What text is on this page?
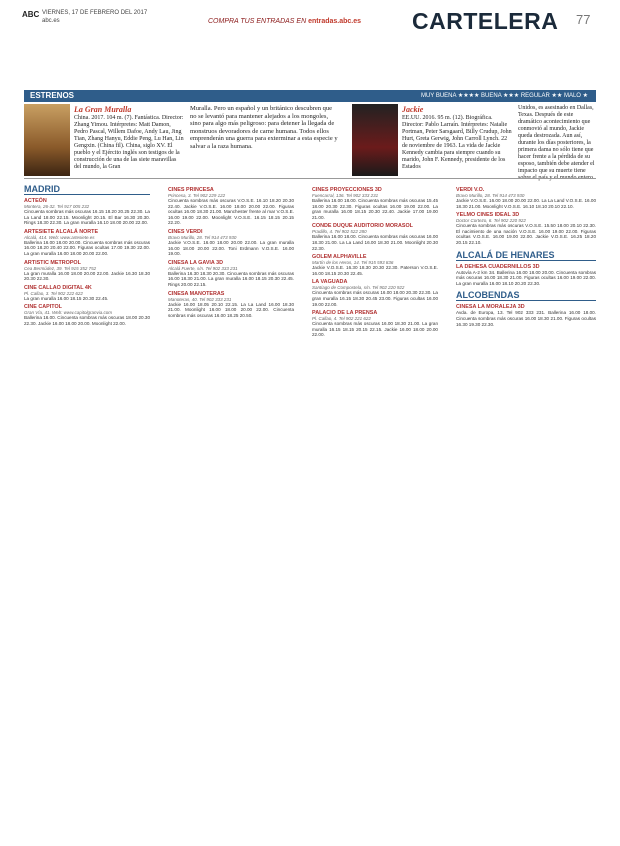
ABC VIERNES, 17 DE FEBRERO DEL 2017
abc.es	COMPRA TUS ENTRADAS EN entradas.abc.es CARTELERA 77
ESTRENOS	MUY BUENA ★★★★ BUENA ★★★ REGULAR ★★ MALO ★
La Gran Muralla
China. 2017. 104 m. (7). Fantástica. Director: Zhang Yimou. Intérpretes: Matt Damon, Pedro Pascal, Willem Dafoe, Andy Lau, Jing Tian, Zhang Hanyu, Eddie Peng, Lu Han, Lin Gengxin. (China fil). China, siglo XV. El pueblo y el Ejército inglés son testigos de la construcción de una de las siete maravillas del mundo, la Gran
Muralla. Pero un español y un británico descubren que no se levantó para mantener alejados a los mongoles, sino para algo más peligroso: para detener la llegada de monstruos devoradores de carne humana. Todos ellos emprenderán una guerra para exterminar a esta especie y salvar a la raza humana.
Jackie
EE.UU. 2016. 95 m. (12). Biográfica. Director: Pablo Larraín. Intérpretes: Natalie Portman, Peter Sarsgaard, Billy Crudup, John Hurt, Greta Gerwig, John Carroll Lynch. 22 de noviembre de 1963. La vida de Jackie Kennedy cambia para siempre cuando su marido, John F. Kennedy, presidente de los Estados
Unidos, es asesinado en Dallas, Texas. Después de este dramático acontecimiento que conmovió al mundo, Jackie queda destrozada. Aun así, durante los días posteriores, la primera dama no sólo tiene que hacer frente a la pérdida de su esposo, también debe atender el impacto que su muerte tiene
MADRID
ACTEÓN
Montera, 26-32. Tel 917 005 232
Cincuenta sombras más oscuras 16.15 18.20 20.25 22.30. La La Land 18.00 22.15. Moonlight 20.15. El Bar 16.30 20.30. Rings 18.30 22.30. La gran muralla 16.10 18.00 20.00 22.00.
ARTESIETE ALCALÁ NORTE
Alcalá, 414. Web: www.artesiete.es
Ballerina 16.00 18.00 20.00. Cincuenta sombras más oscuras 16.00 18.20 20.40 22.00. Figuras ocultas 17.00 19.30 22.00. La gran muralla 16.00 18.00 20.00 22.00.
ARTISTIC METROPOL
Cea Bermúdez, 39. Tel 915 352 752
La gran muralla 16.00 18.00 20.00 22.00. Jackie 16.30 18.30 20.30 22.30.
CINE CALLAO DIGITAL 4K
Pl. Callao, 3. Tel 902 222 622
La gran muralla 16.00 18.15 20.30 22.45.
CINE CAPITOL
Gran Vía, 41. Web: www.capitolgranvia.com
Ballerina 16.00. Cincuenta sombras más oscuras 18.00 20.30 22.30. Jackie 16.00 18.00 20.00. Moonlight 22.00.
CINES PRINCESA
Princesa, 3. Tel 902 229 122
Cincuenta sombras más oscuras V.O.S.E. 16.10 18.20 20.30 22.40. Jackie V.O.S.E. 16.00 18.00 20.00 22.00. Figuras ocultas 16.00 18.30 21.00. Manchester frente al mar V.O.S.E. 16.00 19.00 22.00. Moonlight V.O.S.E. 16.15 18.15 20.15 22.20.
CINES VERDI
Bravo Murillo, 28. Tel 914 473 930
Jackie V.O.S.E. 16.00 18.00 20.00 22.00. La gran muralla 16.00 18.00 20.00 22.00. Toni Erdmann V.O.S.E. 16.00 19.00.
CINESA LA GAVIA 3D
Alcalá Fuerte, s/n. Tel 902 333 231
Ballerina 16.30 18.30 20.30. Cincuenta sombras más oscuras 16.00 18.30 21.00. La gran muralla 16.00 18.15 20.30 22.45. Rings 20.00 22.15.
CINESA MANOTERAS
Manoteras, 40. Tel 902 333 231
Jackie 16.00 18.05 20.10 22.15. La La Land 16.00 18.30 21.00. Moonlight 16.00 18.00 20.00 22.00. Cincuenta sombras más oscuras 16.00 18.25 20.50.
CINES PROYECCIONES 3D
Fuencarral, 136. Tel 902 333 231
Ballerina 16.00 18.00. Cincuenta sombras más oscuras 15.45 18.00 20.30 22.30. Figuras ocultas 16.00 19.00 22.00. La gran muralla 16.00 18.15 20.30 22.40. Jackie 17.00 19.00 21.00.
CONDE DUQUE AUDITORIO MORASOL
Pradillo, 4. Tel 902 522 280
Ballerina 16.00 18.00. Cincuenta sombras más oscuras 16.00 18.30 21.00. La La Land 16.00 18.30 21.00. Moonlight 20.30 22.30.
GOLEM ALPHAVILLE
Martín de los Heros, 14. Tel 915 593 836
Jackie V.O.S.E. 16.30 18.30 20.30 22.30. Paterson V.O.S.E. 16.00 18.15 20.30 22.45.
LA VAGUADA
Santiago de Compostela, s/n. Tel 902 220 922
Cincuenta sombras más oscuras 16.00 18.00 20.30 22.30. La gran muralla 16.15 18.30 20.45 23.00. Figuras ocultas 16.00 19.00 22.00.
PALACIO DE LA PRENSA
Pl. Callao, 4. Tel 902 221 622
Cincuenta sombras más oscuras 16.00 18.30 21.00. La gran muralla 16.15 18.15 20.15 22.15. Jackie 16.00 18.00 20.00 22.00.
VERDI V.O.
Bravo Murillo, 28. Tel 914 473 930
Jackie V.O.S.E. 16.00 18.00 20.00 22.00. La La Land V.O.S.E. 16.00 18.30 21.00. Moonlight V.O.S.E. 16.10 18.10 20.10 22.10.
YELMO CINES IDEAL 3D
Doctor Cortezo, 6. Tel 902 220 922
Cincuenta sombras más oscuras V.O.S.E. 15.50 18.00 20.10 22.30. El nacimiento de una nación V.O.S.E. 16.00 19.00 22.00. Figuras ocultas V.O.S.E. 16.00 19.00 22.00. Jackie V.O.S.E. 16.25 18.20 20.15 22.10.
ALCALÁ DE HENARES
LA DEHESA CUADERNILLOS 3D
Autovía A-2 km 34. Ballerina 16.00 18.00 20.00. Cincuenta sombras más oscuras 16.00 18.30 21.00. Figuras ocultas 16.00 19.00 22.00. La gran muralla 16.00 18.10 20.20 22.30.
ALCOBENDAS
CINESA LA MORALEJA 3D
Avda. de Europa, 13. Tel 902 333 231. Ballerina 16.00 18.00. Cincuenta sombras más oscuras 16.00 18.30 21.00. Figuras ocultas 16.30 19.30 22.30.
